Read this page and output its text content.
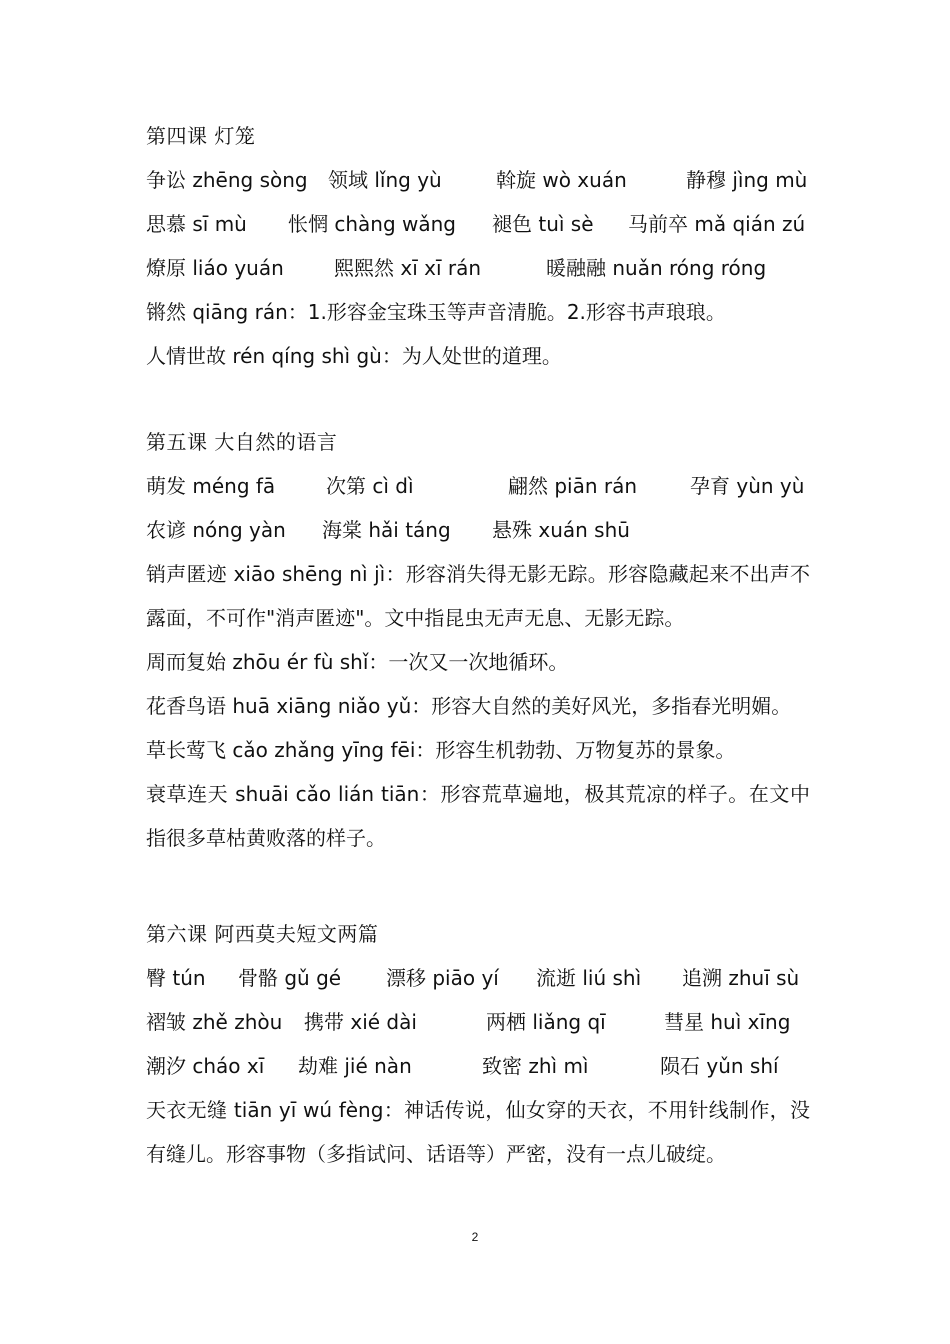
第四课 灯笼
争讼 zhēng sòng 领域 lǐng yù	斡旋 wò xuán	静穆 jìng mù
思慕 sī mù 怅惘 chàng wǎng 褪色 tuì sè 马前卒 mǎ qián zú
燎原 liáo yuán	熙熙然 xī xī rán	暖融融 nuǎn róng róng
锵然 qiāng rán：1.形容金宝珠玉等声音清脆。2.形容书声琅琅。
人情世故 rén qíng shì gù：为人处世的道理。
第五课 大自然的语言
萌发 méng fā	次第 cì dì	翩然 piān rán	孕育 yùn yù
农谚 nóng yàn 海棠 hǎi táng 悬殊 xuán shū
销声匿迹 xiāo shēng nì jì：形容消失得无影无踪。形容隐藏起来不出声不露面，不可作"消声匿迹"。文中指昆虫无声无息、无影无踪。
周而复始 zhōu ér fù shǐ：一次又一次地循环。
花香鸟语 huā xiāng niǎo yǔ：形容大自然的美好风光，多指春光明媚。
草长莺飞 cǎo zhǎng yīng fēi：形容生机勃勃、万物复苏的景象。
衰草连天 shuāi cǎo lián tiān：形容荒草遍地，极其荒凉的样子。在文中指很多草枯黄败落的样子。
第六课 阿西莫夫短文两篇
臀 tún 骨骼 gǔ gé 漂移 piāo yí 流逝 liú shì 追溯 zhuī sù
褶皱 zhě zhòu 携带 xié dài	两栖 liǎng qī	彗星 huì xīng
潮汐 cháo xī 劫难 jié nàn	致密 zhì mì	陨石 yǔn shí
天衣无缝 tiān yī wú fèng：神话传说，仙女穿的天衣，不用针线制作，没有缝儿。形容事物（多指试问、话语等）严密，没有一点儿破绽。
2
